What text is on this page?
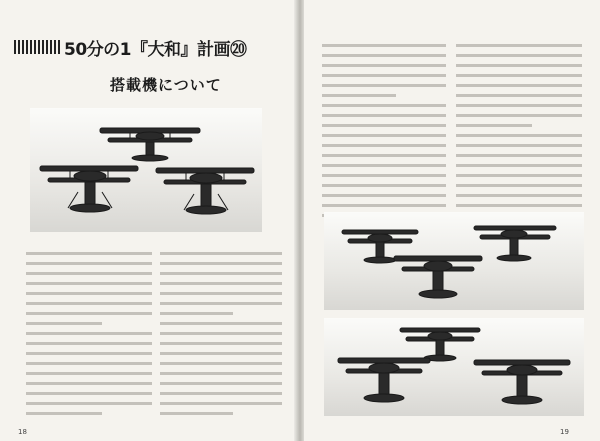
50分の1『大和』計画⑳
搭載機について
18	19
